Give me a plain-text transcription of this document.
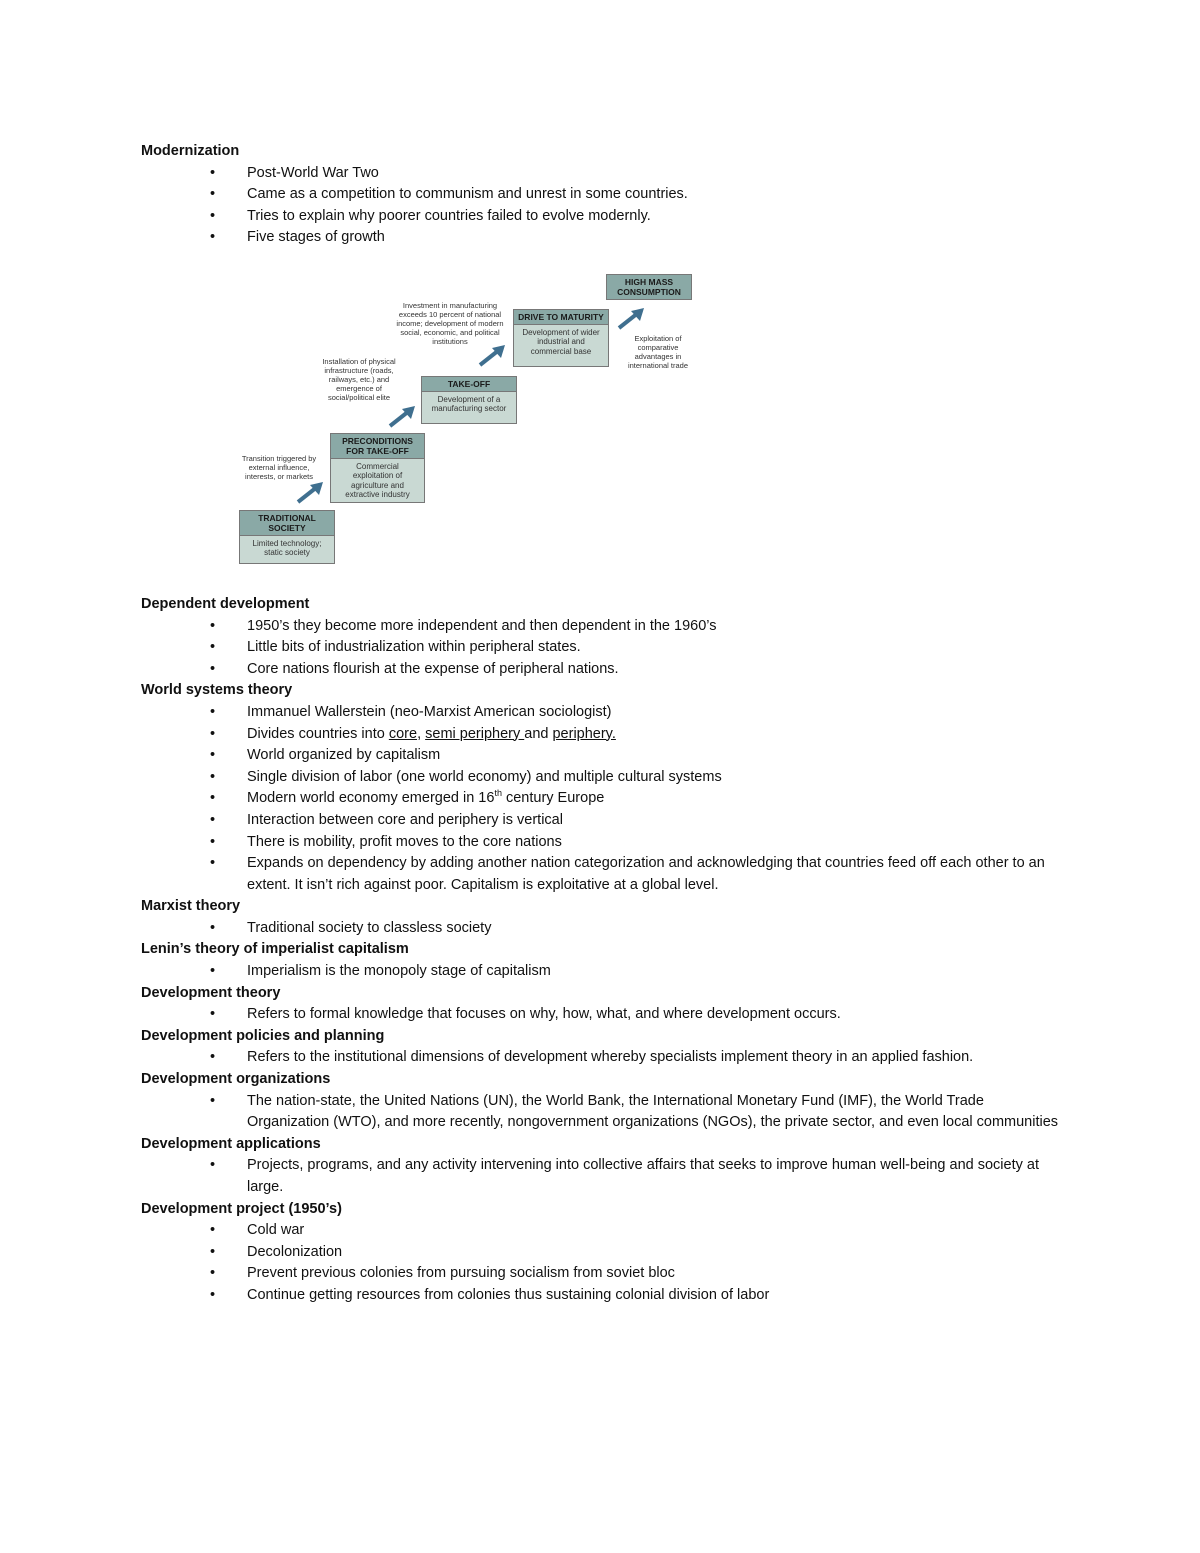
Modernization
• Post-World War Two
• Came as a competition to communism and unrest in some countries.
• Tries to explain why poorer countries failed to evolve modernly.
• Five stages of growth
TRADITIONAL SOCIETY
Limited technology; static society
PRECONDITIONS FOR TAKE-OFF
Commercial exploitation of agriculture and extractive industry
TAKE-OFF
Development of a manufacturing sector
DRIVE TO MATURITY
Development of wider industrial and commercial base
HIGH MASS CONSUMPTION
Transition triggered by external influence, interests, or markets
Installation of physical infrastructure (roads, railways, etc.) and emergence of social/political elite
Investment in manufacturing exceeds 10 percent of national income; development of modern social, economic, and political institutions	Exploitation of comparative advantages in international trade
Dependent development
• 1950’s they become more independent and then dependent in the 1960’s
• Little bits of industrialization within peripheral states.
• Core nations flourish at the expense of peripheral nations.
World systems theory
• Immanuel Wallerstein (neo-Marxist American sociologist)
• Divides countries into core, semi periphery and periphery.
• World organized by capitalism
• Single division of labor (one world economy) and multiple cultural systems
• Modern world economy emerged in 16th century Europe
• Interaction between core and periphery is vertical
• There is mobility, profit moves to the core nations
• Expands on dependency by adding another nation categorization and acknowledging that countries feed off each other to an extent. It isn’t rich against poor. Capitalism is exploitative at a global level.
Marxist theory
• Traditional society to classless society
Lenin’s theory of imperialist capitalism
• Imperialism is the monopoly stage of capitalism
Development theory
• Refers to formal knowledge that focuses on why, how, what, and where development occurs.
Development policies and planning
• Refers to the institutional dimensions of development whereby specialists implement theory in an applied fashion.
Development organizations
• The nation-state, the United Nations (UN), the World Bank, the International Monetary Fund (IMF), the World Trade Organization (WTO), and more recently, nongovernment organizations (NGOs), the private sector, and even local communities
Development applications
• Projects, programs, and any activity intervening into collective affairs that seeks to improve human well-being and society at large.
Development project (1950’s)
• Cold war
• Decolonization
• Prevent previous colonies from pursuing socialism from soviet bloc
• Continue getting resources from colonies thus sustaining colonial division of labor
